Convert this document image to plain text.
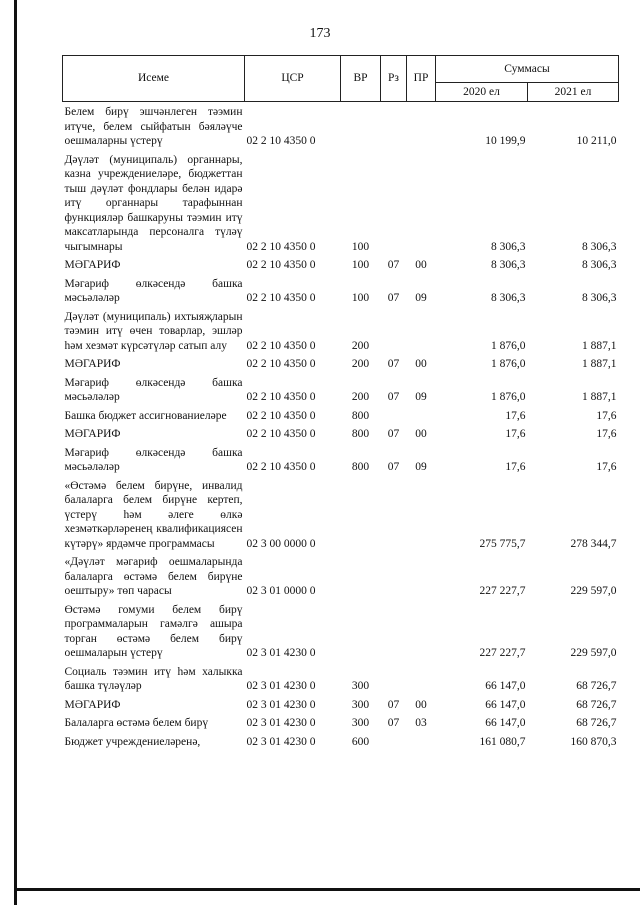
173
Исеме	ЦСР	ВР	Рз	ПР	Суммасы	
					2020 ел	2021 ел
Белем бирү эшчәнлеген тәэмин итүче, белем сыйфатын бәяләүче оешмаларны үстерү	02 2 10 4350 0				10 199,9	10 211,0
Дәүләт (муниципаль) органнары, казна учреждениеләре, бюджеттан тыш дәүләт фондлары белән идарә итү органнары тарафыннан функцияләр башкаруны тәэмин итү максатларында персоналга түләү чыгымнары	02 2 10 4350 0	100			8 306,3	8 306,3
МӘГАРИФ	02 2 10 4350 0	100	07	00	8 306,3	8 306,3
Мәгариф өлкәсендә башка мәсьәләләр	02 2 10 4350 0	100	07	09	8 306,3	8 306,3
Дәүләт (муниципаль) ихтыяҗларын тәэмин итү өчен товарлар, эшләр һәм хезмәт күрсәтүләр сатып алу	02 2 10 4350 0	200			1 876,0	1 887,1
МӘГАРИФ	02 2 10 4350 0	200	07	00	1 876,0	1 887,1
Мәгариф өлкәсендә башка мәсьәләләр	02 2 10 4350 0	200	07	09	1 876,0	1 887,1
Башка бюджет ассигнованиеләре	02 2 10 4350 0	800			17,6	17,6
МӘГАРИФ	02 2 10 4350 0	800	07	00	17,6	17,6
Мәгариф өлкәсендә башка мәсьәләләр	02 2 10 4350 0	800	07	09	17,6	17,6
«Өстәмә белем бирүне, инвалид балаларга белем бирүне кертеп, үстерү һәм әлеге өлкә хезмәткәрләренең квалификациясен күтәрү» ярдәмче программасы	02 3 00 0000 0				275 775,7	278 344,7
«Дәүләт мәгариф оешмаларында балаларга өстәмә белем бирүне оештыру» төп чарасы	02 3 01 0000 0				227 227,7	229 597,0
Өстәмә гомуми белем бирү программаларын гамәлгә ашыра торган өстәмә белем бирү оешмаларын үстерү	02 3 01 4230 0				227 227,7	229 597,0
Социаль тәэмин итү һәм халыкка башка түләүләр	02 3 01 4230 0	300			66 147,0	68 726,7
МӘГАРИФ	02 3 01 4230 0	300	07	00	66 147,0	68 726,7
Балаларга өстәмә белем бирү	02 3 01 4230 0	300	07	03	66 147,0	68 726,7
Бюджет учреждениеләренә,	02 3 01 4230 0	600			161 080,7	160 870,3
